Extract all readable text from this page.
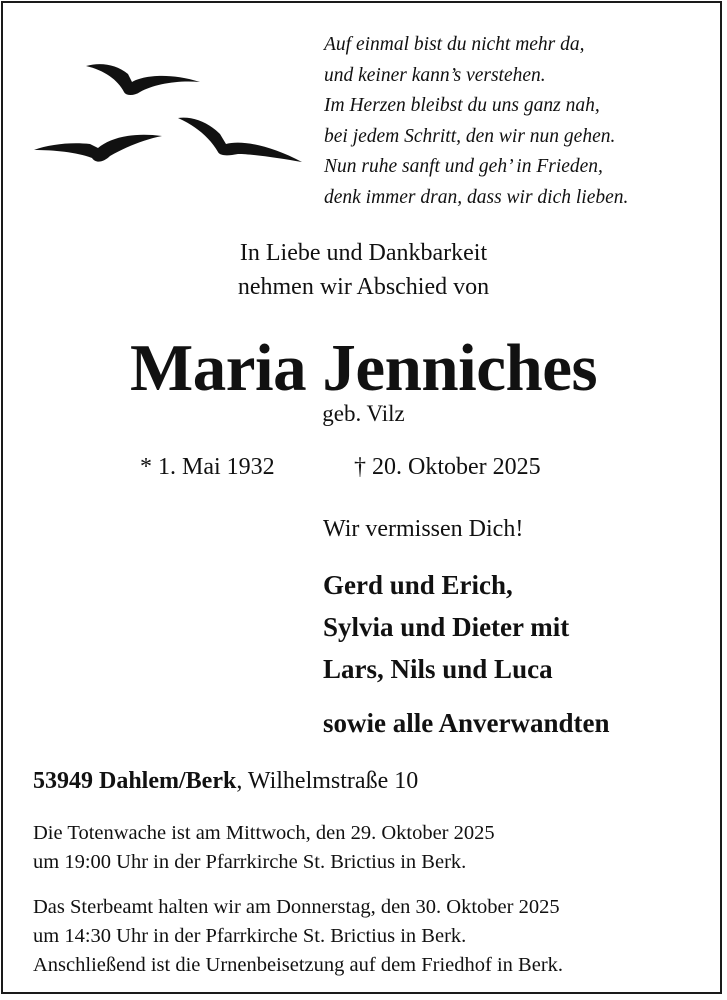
Auf einmal bist du nicht mehr da,
und keiner kann’s verstehen.
Im Herzen bleibst du uns ganz nah,
bei jedem Schritt, den wir nun gehen.
Nun ruhe sanft und geh’ in Frieden,
denk immer dran, dass wir dich lieben.
In Liebe und Dankbarkeit
nehmen wir Abschied von
Maria Jenniches
geb. Vilz
* 1. Mai 1932	† 20. Oktober 2025
Wir vermissen Dich!
Gerd und Erich,
Sylvia und Dieter mit
Lars, Nils und Luca
sowie alle Anverwandten
53949 Dahlem/Berk, Wilhelmstraße 10
Die Totenwache ist am Mittwoch, den 29. Oktober 2025
um 19:00 Uhr in der Pfarrkirche St. Brictius in Berk.
Das Sterbeamt halten wir am Donnerstag, den 30. Oktober 2025
um 14:30 Uhr in der Pfarrkirche St. Brictius in Berk.
Anschließend ist die Urnenbeisetzung auf dem Friedhof in Berk.
